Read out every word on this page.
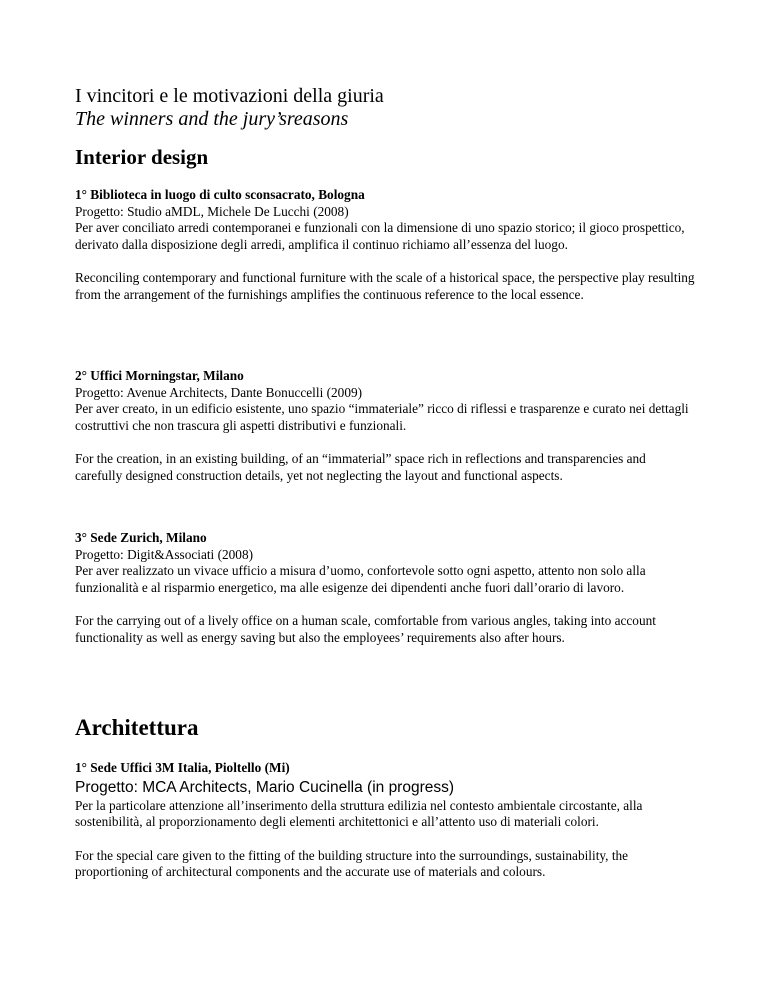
I vincitori e le motivazioni della giuria
The winners and the jury’sreasons
Interior design
1° Biblioteca in luogo di culto sconsacrato, Bologna
Progetto: Studio aMDL, Michele De Lucchi (2008)

Per aver conciliato arredi contemporanei e funzionali con la dimensione di uno spazio storico; il gioco prospettico, derivato dalla disposizione degli arredi, amplifica il continuo richiamo all’essenza del luogo.

Reconciling contemporary and functional furniture with the scale of a historical space, the perspective play resulting from the arrangement of the furnishings amplifies the continuous reference to the local essence.

2° Uffici Morningstar, Milano
Progetto: Avenue Architects, Dante Bonuccelli (2009)

Per aver creato, in un edificio esistente, uno spazio “immateriale” ricco di riflessi e trasparenze e curato nei dettagli costruttivi che non trascura gli aspetti distributivi e funzionali.

For the creation, in an existing building, of an “immaterial” space rich in reflections and transparencies and carefully designed construction details, yet not neglecting the layout and functional aspects.

3° Sede Zurich, Milano
Progetto: Digit&Associati (2008)

Per aver realizzato un vivace ufficio a misura d’uomo, confortevole sotto ogni aspetto, attento non solo alla funzionalità e al risparmio energetico, ma alle esigenze dei dipendenti anche fuori dall’orario di lavoro.

For the carrying out of a lively office on a human scale, comfortable from various angles, taking into account functionality as well as energy saving but also the employees’ requirements also after hours.

Architettura
1° Sede Uffici 3M Italia, Pioltello (Mi)
Progetto: MCA Architects, Mario Cucinella (in progress)

Per la particolare attenzione all’inserimento della struttura edilizia nel contesto ambientale circostante, alla sostenibilità, al proporzionamento degli elementi architettonici e all’attento uso di materiali colori.

For the special care given to the fitting of the building structure into the surroundings, sustainability, the proportioning of architectural components and the accurate use of materials and colours.
